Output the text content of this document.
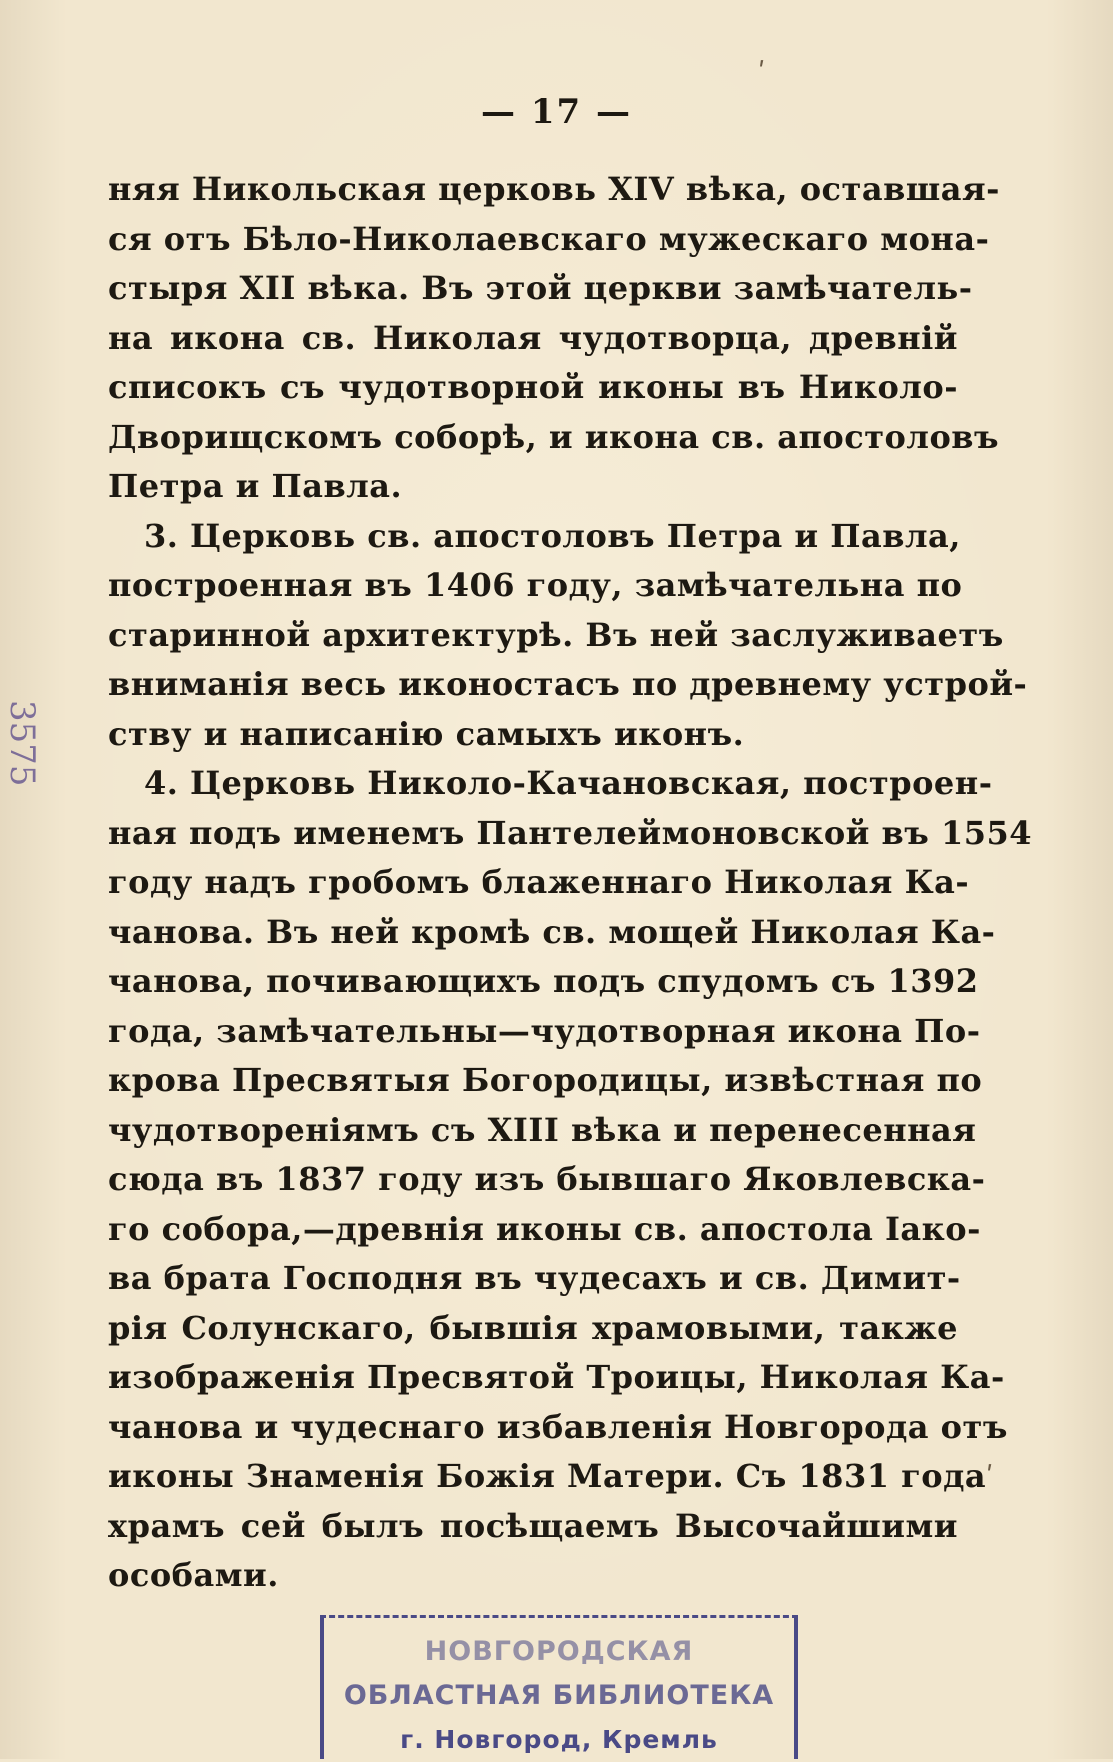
— 17 —
няя Никольская церковь XIV вѣка, оставшая-
ся отъ Бѣло-Николаевскаго мужескаго мона-
стыря XII вѣка. Въ этой церкви замѣчатель-
на икона св. Николая чудотворца, древній
списокъ съ чудотворной иконы въ Николо-
Дворищскомъ соборѣ, и икона св. апостоловъ
Петра и Павла.
3. Церковь св. апостоловъ Петра и Павла,
построенная въ 1406 году, замѣчательна по
старинной архитектурѣ. Въ ней заслуживаетъ
вниманія весь иконостасъ по древнему устрой-
ству и написанію самыхъ иконъ.
4. Церковь Николо-Качановская, построен-
ная подъ именемъ Пантелеймоновской въ 1554
году надъ гробомъ блаженнаго Николая Ка-
чанова. Въ ней кромѣ св. мощей Николая Ка-
чанова, почивающихъ подъ спудомъ съ 1392
года, замѣчательны—чудотворная икона По-
крова Пресвятыя Богородицы, извѣстная по
чудотвореніямъ съ XIII вѣка и перенесенная
сюда въ 1837 году изъ бывшаго Яковлевска-
го собора,—древнія иконы св. апостола Іако-
ва брата Господня въ чудесахъ и св. Димит-
рія Солунскаго, бывшія храмовыми, также
изображенія Пресвятой Троицы, Николая Ка-
чанова и чудеснаго избавленія Новгорода отъ
иконы Знаменія Божія Матери. Съ 1831 года
храмъ сей былъ посѣщаемъ Высочайшими
особами.
3575
ʹ
ʹ
НОВГОРОДСКАЯ
ОБЛАСТНАЯ БИБЛИОТЕКА
г. Новгород, Кремль
